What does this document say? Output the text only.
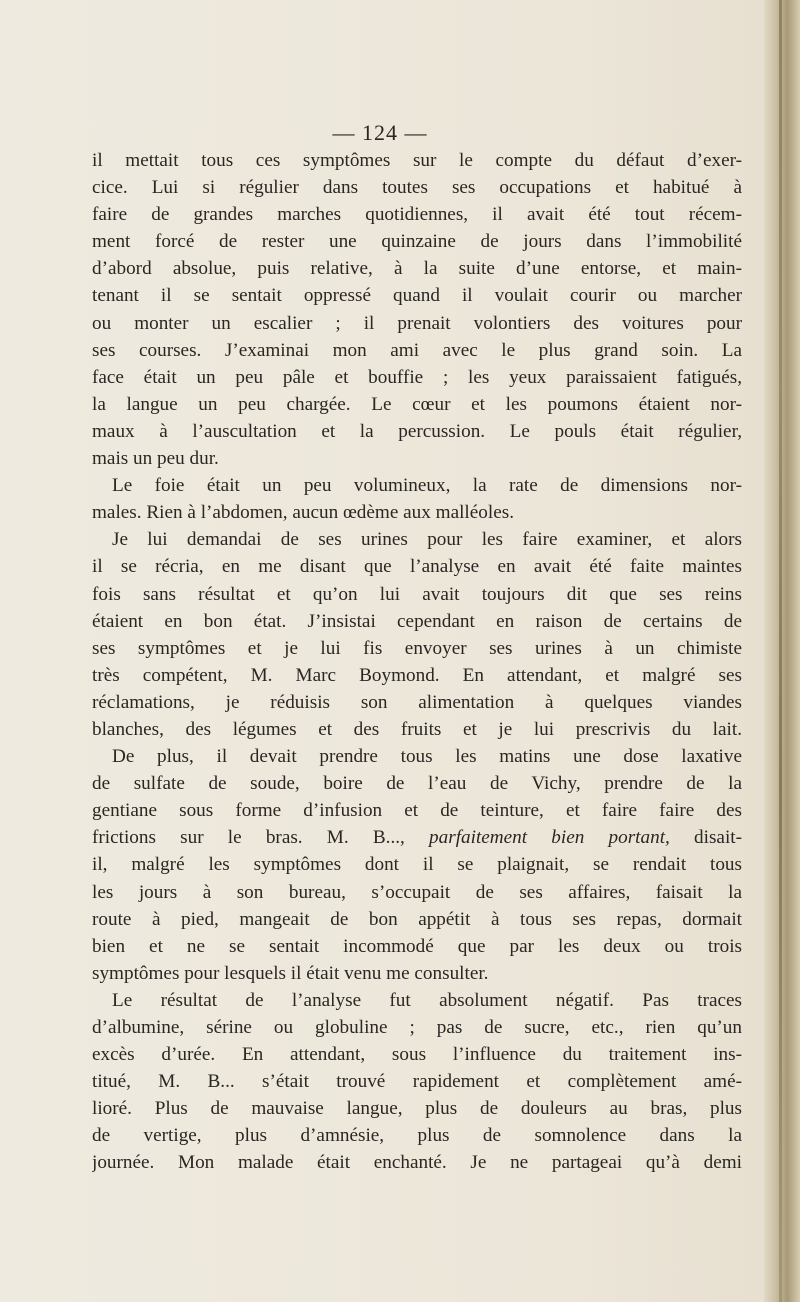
— 124 —

il mettait tous ces symptômes sur le compte du défaut d’exer-
cice. Lui si régulier dans toutes ses occupations et habitué à
faire de grandes marches quotidiennes, il avait été tout récem-
ment forcé de rester une quinzaine de jours dans l’immobilité
d’abord absolue, puis relative, à la suite d’une entorse, et main-
tenant il se sentait oppressé quand il voulait courir ou marcher
ou monter un escalier ; il prenait volontiers des voitures pour
ses courses. J’examinai mon ami avec le plus grand soin. La
face était un peu pâle et bouffie ; les yeux paraissaient fatigués,
la langue un peu chargée. Le cœur et les poumons étaient nor-
maux à l’auscultation et la percussion. Le pouls était régulier,
mais un peu dur.
Le foie était un peu volumineux, la rate de dimensions nor-
males. Rien à l’abdomen, aucun œdème aux malléoles.
Je lui demandai de ses urines pour les faire examiner, et alors
il se récria, en me disant que l’analyse en avait été faite maintes
fois sans résultat et qu’on lui avait toujours dit que ses reins
étaient en bon état. J’insistai cependant en raison de certains de
ses symptômes et je lui fis envoyer ses urines à un chimiste
très compétent, M. Marc Boymond. En attendant, et malgré ses
réclamations, je réduisis son alimentation à quelques viandes
blanches, des légumes et des fruits et je lui prescrivis du lait.
De plus, il devait prendre tous les matins une dose laxative
de sulfate de soude, boire de l’eau de Vichy, prendre de la
gentiane sous forme d’infusion et de teinture, et faire faire des
frictions sur le bras. M. B..., parfaitement bien portant, disait-
il, malgré les symptômes dont il se plaignait, se rendait tous
les jours à son bureau, s’occupait de ses affaires, faisait la
route à pied, mangeait de bon appétit à tous ses repas, dormait
bien et ne se sentait incommodé que par les deux ou trois
symptômes pour lesquels il était venu me consulter.
Le résultat de l’analyse fut absolument négatif. Pas traces
d’albumine, sérine ou globuline ; pas de sucre, etc., rien qu’un
excès d’urée. En attendant, sous l’influence du traitement ins-
titué, M. B... s’était trouvé rapidement et complètement amé-
lioré. Plus de mauvaise langue, plus de douleurs au bras, plus
de vertige, plus d’amnésie, plus de somnolence dans la
journée. Mon malade était enchanté. Je ne partageai qu’à demi
